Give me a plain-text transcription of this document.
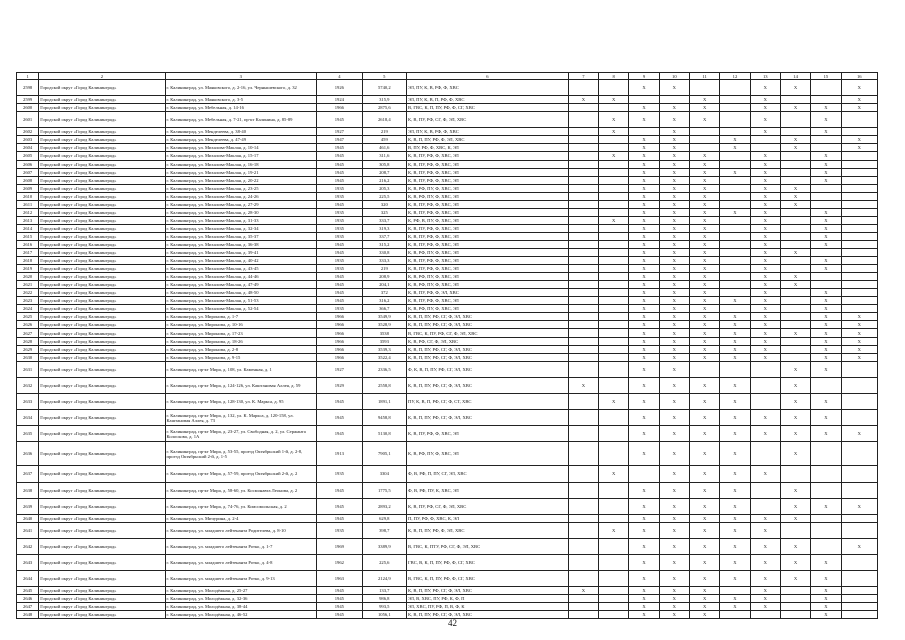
1	2	3	4	5	6	7	8	9	10	11	12	13	14	15	16
2598	Городской округ «Город Калининград»	г. Калининград, ул. Маяковского, д. 2-16, ул. Чернышевского, д. 32	1926	5740,2	ЭЛ, ПУ, К, В, РФ, Ф, ХВС			X	X			X	X		X
2599	Городской округ «Город Калининград»	г. Калининград, ул. Маяковского, д. 3-5	1924	315,9	ЭЛ, ПУ, К, В, П, РФ, Ф, ХВС	X	X			X		X			X
2600	Городской округ «Город Калининград»	г. Калининград, ул. Мебельная, д. 14-16	1966	2875,6	В, ГВС, К, П, ПУ, РФ, Ф, СГ, ХВС			X	X	X		X	X	X	X
2601	Городской округ «Город Калининград»	г. Калининград, ул. Мебельная, д. 7-21, пр-кт Калинина, д. 85-89	1945	2618,4	К, В, ПУ, РФ, СГ, Ф, ЭЛ, ХВС		X	X	X	X		X		X	
2602	Городской округ «Город Калининград»	г. Калининград, ул. Менделеева, д. 38-40	1927	219	ЭЛ, ПУ, К, В, РФ, Ф, ХВС		X		X			X		X	
2603	Городской округ «Город Калининград»	г. Калининград, ул. Менделеева, д. 47-49	1947	459	К, В, П, ПУ, РФ, Ф, ЭЛ, ХВС			X	X		X		X		X
2604	Городской округ «Город Калининград»	г. Калининград, ул. Михалова-Маклая, д. 10-14	1945	461,6	В, ПУ, РФ, Ф, ХВС, К, ЭЛ			X	X		X		X		X
2605	Городской округ «Город Калининград»	г. Калининград, ул. Михалова-Маклая, д. 15-17	1945	311,6	К, В, ПУ, РФ, Ф, ХВС, ЭЛ		X	X	X	X		X		X	
2606	Городской округ «Город Калининград»	г. Калининград, ул. Михалова-Маклая, д. 16-18	1945	305,8	К, В, ПУ, РФ, Ф, ХВС, ЭЛ			X	X	X		X		X	
2607	Городской округ «Город Калининград»	г. Калининград, ул. Михалова-Маклая, д. 19-21	1945	208,7	К, В, ПУ, РФ, Ф, ХВС, ЭЛ			X	X	X	X	X		X	
2608	Городской округ «Город Калининград»	г. Калининград, ул. Михалова-Маклая, д. 20-22	1945	216,2	К, В, ПУ, РФ, Ф, ХВС, ЭЛ			X	X	X		X		X	
2609	Городской округ «Город Калининград»	г. Калининград, ул. Михалова-Маклая, д. 23-25	1935	205,3	К, В, РФ, ПУ, Ф, ХВС, ЭЛ			X	X	X		X	X		
2610	Городской округ «Город Калининград»	г. Калининград, ул. Михалова-Маклая, д. 24-26	1935	225,5	К, В, РФ, ПУ, Ф, ХВС, ЭЛ			X	X	X		X	X		
2611	Городской округ «Город Калининград»	г. Калининград, ул. Михалова-Маклая, д. 27-29	1945	320	К, В, ПУ, РФ, Ф, ХВС, ЭЛ			X	X	X		X	X		
2612	Городской округ «Город Калининград»	г. Калининград, ул. Михалова-Маклая, д. 28-30	1935	325	К, В, ПУ, РФ, Ф, ХВС, ЭЛ			X	X	X	X	X		X	
2613	Городской округ «Город Калининград»	г. Калининград, ул. Михалова-Маклая, д. 31-33	1935	333,7	К, РФ, В, ПУ, Ф, ХВС, ЭЛ		X	X	X	X		X		X	
2614	Городской округ «Город Калининград»	г. Калининград, ул. Михалова-Маклая, д. 32-34	1935	319,3	К, В, ПУ, РФ, Ф, ХВС, ЭЛ			X	X	X		X		X	
2615	Городской округ «Город Калининград»	г. Калининград, ул. Михалова-Маклая, д. 35-37	1935	337,7	К, В, ПУ, РФ, Ф, ХВС, ЭЛ			X	X	X		X		X	
2616	Городской округ «Город Калининград»	г. Калининград, ул. Михалова-Маклая, д. 36-38	1945	315,2	К, В, ПУ, РФ, Ф, ХВС, ЭЛ			X	X	X		X		X	
2617	Городской округ «Город Калининград»	г. Калининград, ул. Михалова-Маклая, д. 39-41	1945	330,8	К, В, РФ, ПУ, Ф, ХВС, ЭЛ			X	X	X		X	X		
2618	Городской округ «Город Калининград»	г. Калининград, ул. Михалова-Маклая, д. 40-42	1935	333,3	К, В, ПУ, РФ, Ф, ХВС, ЭЛ			X	X	X		X		X	
2619	Городской округ «Город Калининград»	г. Калининград, ул. Михалова-Маклая, д. 43-45	1935	219	К, В, ПУ, РФ, Ф, ХВС, ЭЛ			X	X	X		X		X	
2620	Городской округ «Город Калининград»	г. Калининград, ул. Михалова-Маклая, д. 44-46	1945	208,9	К, В, РФ, ПУ, Ф, ХВС, ЭЛ			X	X	X		X	X		
2621	Городской округ «Город Калининград»	г. Калининград, ул. Михалова-Маклая, д. 47-49	1945	204,1	К, В, РФ, ПУ, Ф, ХВС, ЭЛ			X	X	X		X	X		
2622	Городской округ «Город Калининград»	г. Калининград, ул. Михалова-Маклая, д. 48-50	1945	372	К, В, ПУ, РФ, Ф, ЭЛ, ХВС			X	X	X		X		X	
2623	Городской округ «Город Калининград»	г. Калининград, ул. Михалова-Маклая, д. 51-53	1945	316,2	К, В, ПУ, РФ, Ф, ХВС, ЭЛ			X	X	X	X	X		X	
2624	Городской округ «Город Калининград»	г. Калининград, ул. Михалова-Маклая, д. 52-54	1935	366,7	К, В, РФ, ПУ, Ф, ХВС, ЭЛ			X	X	X		X		X	
2625	Городской округ «Город Калининград»	г. Калининград, ул. Миронова, д. 1-7	1966	3549,9	К, В, П, ПУ, РФ, СГ, Ф, ЭЛ, ХВС			X	X	X	X	X		X	X
2626	Городской округ «Город Калининград»	г. Калининград, ул. Миронова, д. 10-16	1966	3528,9	К, В, П, ПУ, РФ, СГ, Ф, ЭЛ, ХВС			X	X	X	X	X		X	X
2627	Городской округ «Город Калининград»	г. Калининград, ул. Миронова, д. 17-23	1966	3538	В, ГВС, К, ПУ, РФ, СГ, Ф, ЭЛ, ХВС			X	X	X	X	X	X	X	X
2628	Городской округ «Город Калининград»	г. Калининград, ул. Миронова, д. 18-26	1966	3593	К, В, РФ, СГ, Ф, ЭЛ, ХВС			X	X	X	X	X		X	X
2629	Городской округ «Город Калининград»	г. Калининград, ул. Миронова, д. 2-8	1966	3539,3	К, В, П, ПУ, РФ, СГ, Ф, ЭЛ, ХВС			X	X	X	X	X		X	X
2630	Городской округ «Город Калининград»	г. Калининград, ул. Миронова, д. 9-15	1966	3522,4	К, В, П, ПУ, РФ, СГ, Ф, ЭЛ, ХВС			X	X	X	X	X		X	X
2631	Городской округ «Город Калининград»	г. Калининград, пр-кт Мира, д. 108, ул. Каменная, д. 1	1927	2336,5	Ф, К, В, П, ПУ, РФ, СГ, ЭЛ, ХВС			X	X				X	X	
2632	Городской округ «Город Калининград»	г. Калининград, пр-кт Мира, д. 124-126, ул. Каштановая Аллея, д. 59	1929	2558,8	К, В, П, ПУ, РФ, СГ, Ф, ЭЛ, ХВС	X		X	X	X	X		X		
2633	Городской округ «Город Калининград»	г. Калининград, пр-кт Мира, д. 128-130, ул. К. Маркса, д. 95	1945	1891,1	ПУ, К, В, П, РФ, СГ, Ф, СТ, ХВС		X	X	X	X	X		X	X	
2634	Городской округ «Город Калининград»	г. Калининград, пр-кт Мира, д. 132, ул. К. Маркса, д. 120-158, ул. Каштановая Аллея, д. 73	1945	9458,8	К, В, П, ПУ, РФ, СГ, Ф, ЭЛ, ХВС			X	X	X	X	X	X	X	
2635	Городской округ «Город Калининград»	г. Калининград, пр-кт Мира, д. 23-27, ул. Свободная, д. 2, ул. Сержанта Колоскова, д. 1А	1945	5130,8	К, В, ПУ, РФ, Ф, ХВС, ЭЛ			X	X	X	X	X	X	X	X
2636	Городской округ «Город Калининград»	г. Калининград, пр-кт Мира, д. 53-55, проезд Октябрьский 1-й, д. 2-8, проезд Октябрьский 2-й, д. 1-5	1913	7905,1	К, В, РФ, ПУ, Ф, ХВС, ЭЛ			X	X	X	X		X		
2637	Городской округ «Город Калининград»	г. Калининград, пр-кт Мира, д. 57-59, проезд Октябрьский 2-й, д. 2	1935	3304	Ф, В, РФ, П, ПУ, СГ, ЭЛ, ХВС		X		X	X	X	X			
2638	Городской округ «Город Калининград»	г. Калининград, пр-кт Мира, д. 58-60, ул. Космонавта Леонова, д. 2	1945	1775,5	Ф, В, РФ, ПУ, К, ХВС, ЭЛ			X	X	X	X		X		
2639	Городской округ «Город Калининград»	г. Калининград, пр-кт Мира, д. 74-76, ул. Комсомольская, д. 2	1945	2893,2	К, В, ПУ, РФ, СГ, Ф, ЭЛ, ХВС			X	X	X	X		X	X	X
2640	Городской округ «Город Калининград»	г. Калининград, ул. Мичурина, д. 2-4	1945	629,8	П, ПУ, РФ, Ф, ХВС, К, ЭЛ			X	X	X	X	X	X		
2641	Городской округ «Город Калининград»	г. Калининград, ул. младшего лейтенанта Родителева, д. 8-10	1935	398,7	К, В, П, ПУ, РФ, Ф, ЭЛ, ХВС		X	X	X	X	X	X			
2642	Городской округ «Город Калининград»	г. Калининград, ул. младшего лейтенанта Ротко, д. 1-7	1969	3389,9	В, ГВС, К, ПТУ, РФ, СГ, Ф, ЭЛ, ХВС			X	X	X	X	X	X		X
2643	Городской округ «Город Калининград»	г. Калининград, ул. младшего лейтенанта Ротко, д. 4-8	1962	225,6	ГВС, В, К, П, ПУ, РФ, Ф, СГ, ХВС			X	X	X	X	X	X	X	
2644	Городской округ «Город Калининград»	г. Калининград, ул. младшего лейтенанта Ротко, д. 9-13	1963	2124,9	В, ГВС, К, П, ПУ, РФ, Ф, СГ, ХВС			X	X	X	X	X	X	X	
2645	Городской округ «Город Калининград»	г. Калининград, ул. Молодёжная, д. 25-27	1945	133,7	К, В, П, ПУ, РФ, СГ, Ф, ЭЛ, ХВС	X		X	X	X		X		X	
2646	Городской округ «Город Калининград»	г. Калининград, ул. Молодёжная, д. 32-36	1945	986,8	ЭЛ, В, ХВС, ПУ, РФ, К, Ф, П			X	X	X	X	X		X	
2647	Городской округ «Город Калининград»	г. Калининград, ул. Молодёжная, д. 38-44	1945	993,5	ЭЛ, ХВС, ПУ, РФ, П, В, Ф, К			X	X	X	X	X		X	
2648	Городской округ «Город Калининград»	г. Калининград, ул. Молодёжная, д. 46-52	1945	1056,1	К, В, П, ПУ, РФ, СГ, Ф, ЭЛ, ХВС			X	X	X				X	
42
